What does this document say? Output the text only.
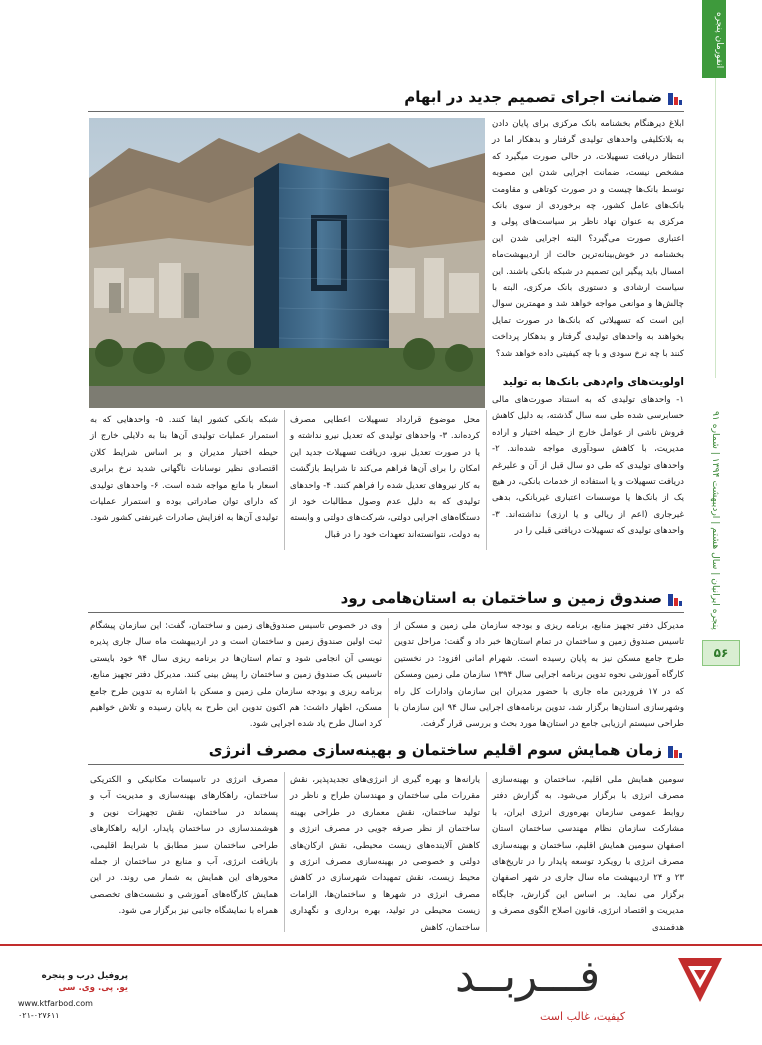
انفورمان پنجره
پنجره ایرانیان | سال هشتم | اردیبهشت ۱۳۹۴ | شماره ۹۱
۵۶
ضمانت اجرای تصمیم جدید در ابهام
ابلاغ دیرهنگام بخشنامه بانک مرکزی برای پایان دادن به بلاتکلیفی واحدهای تولیدی گرفتار و بدهکار اما در انتظار دریافت تسهیلات، در حالی صورت میگیرد که مشخص نیست، ضمانت اجرایی شدن این مصوبه توسط بانک‌ها چیست و در صورت کوتاهی و مقاومت بانک‌های عامل کشور، چه برخوردی از سوی بانک مرکزی به عنوان نهاد ناظر بر سیاست‌های پولی و اعتباری صورت می‌گیرد؟ البته اجرایی شدن این بخشنامه در خوش‌بینانه‌ترین حالت از اردیبهشت‌ماه امسال باید پیگیر این تصمیم در شبکه بانکی باشند. این سیاست ارشادی و دستوری بانک مرکزی، البته با چالش‌ها و موانعی مواجه خواهد شد و مهمترین سوال این است که تسهیلاتی که بانک‌ها در صورت تمایل بخواهند به واحدهای تولیدی گرفتار و بدهکار پرداخت کنند با چه نرخ سودی و با چه کیفیتی داده خواهد شد؟
اولویت‌های وام‌دهی بانک‌ها به تولید
۱- واحدهای تولیدی که به استناد صورت‌های مالی حسابرسی شده طی سه سال گذشته، به دلیل کاهش فروش ناشی از عوامل خارج از حیطه اختیار و اراده مدیریت، با کاهش سودآوری مواجه شده‌اند. ۲- واحدهای تولیدی که طی دو سال قبل از آن و علیرغم دریافت تسهیلات و یا استفاده از خدمات بانکی، در هیچ یک از بانک‌ها یا موسسات اعتباری غیربانکی، بدهی غیرجاری (اعم از ریالی و یا ارزی) نداشته‌اند. ۳- واحدهای تولیدی که تسهیلات دریافتی قبلی را در
محل موضوع قرارداد تسهیلات اعطایی مصرف کرده‌اند. ۳- واحدهای تولیدی که تعدیل نیرو نداشته و یا در صورت تعدیل نیرو، دریافت تسهیلات جدید این امکان را برای آن‌ها فراهم می‌کند تا شرایط بازگشت به کار نیروهای تعدیل شده را فراهم کنند. ۴- واحدهای تولیدی که به دلیل عدم وصول مطالبات خود از دستگاه‌های اجرایی دولتی، شرکت‌های دولتی و وابسته به دولت، نتوانسته‌اند تعهدات خود را در قبال
شبکه بانکی کشور ایفا کنند. ۵- واحدهایی که به استمرار عملیات تولیدی آن‌ها بنا به دلایلی خارج از حیطه اختیار مدیران و بر اساس شرایط کلان اقتصادی نظیر نوسانات ناگهانی شدید نرخ برابری اسعار با مانع مواجه شده است. ۶- واحدهای تولیدی که دارای توان صادراتی بوده و استمرار عملیات تولیدی آن‌ها به افزایش صادرات غیرنفتی کشور شود.
صندوق زمین و ساختمان به استان‌هامی رود
مدیرکل دفتر تجهیز منابع، برنامه ریزی و بودجه سازمان ملی زمین و مسکن از تاسیس صندوق زمین و ساختمان در تمام استان‌ها خبر داد و گفت: مراحل تدوین طرح جامع مسکن نیز به پایان رسیده است. شهرام امانی افزود: در نخستین کارگاه آموزشی نحوه تدوین برنامه اجرایی سال ۱۳۹۴ سازمان ملی زمین ومسکن که در ۱۷ فروردین ماه جاری با حضور مدیران این سازمان وادارات کل راه وشهرسازی استان‌ها برگزار شد، تدوین برنامه‌های اجرایی سال ۹۴ این سازمان با طراحی سیستم ارزیابی جامع در استان‌ها مورد بحث و بررسی قرار گرفت.
وی در خصوص تاسیس صندوق‌های زمین و ساختمان، گفت: این سازمان پیشگام ثبت اولین صندوق زمین و ساختمان است و در اردیبهشت ماه سال جاری پذیره نویسی آن انجامی شود و تمام استان‌ها در برنامه ریزی سال ۹۴ خود بایستی تاسیس یک صندوق زمین و ساختمان را پیش بینی کنند. مدیرکل دفتر تجهیز منابع، برنامه ریزی و بودجه سازمان ملی زمین و مسکن با اشاره به تدوین طرح جامع مسکن، اظهار داشت: هم اکنون تدوین این طرح به پایان رسیده و تلاش خواهیم کرد اسال طرح یاد شده اجرایی شود.
زمان همایش سوم اقلیم ساختمان و بهینه‌سازی مصرف انرژی
سومین همایش ملی اقلیم، ساختمان و بهینه‌سازی مصرف انرژی با برگزار می‌شود. به گزارش دفتر روابط عمومی سازمان بهره‌وری انرژی ایران، با مشارکت سازمان نظام مهندسی ساختمان استان اصفهان سومین همایش اقلیم، ساختمان و بهینه‌سازی مصرف انرژی با رویکرد توسعه پایدار را در تاریخ‌های ۲۳ و ۲۴ اردیبهشت ماه سال جاری در شهر اصفهان برگزار می نماید. بر اساس این گزارش، جایگاه مدیریت و اقتصاد انرژی، قانون اصلاح الگوی مصرف و هدفمندی
یارانه‌ها و بهره گیری از انرژی‌های تجدیدپذیر، نقش مقررات ملی ساختمان و مهندسان طراح و ناظر در تولید ساختمان، نقش معماری در طراحی بهینه ساختمان از نظر صرفه جویی در مصرف انرژی و کاهش آلاینده‌های زیست محیطی، نقش ارکان‌های دولتی و خصوصی در بهینه‌سازی مصرف انرژی و محیط زیست، نقش تمهیدات شهرسازی در کاهش مصرف انرژی در شهرها و ساختمان‌ها، الزامات زیست محیطی در تولید، بهره برداری و نگهداری ساختمان، کاهش
مصرف انرژی در تاسیسات مکانیکی و الکتریکی ساختمان، راهکارهای بهینه‌سازی و مدیریت آب و پسماند در ساختمان، نقش تجهیزات نوین و هوشمندسازی در ساختمان پایدار، ارایه راهکارهای طراحی ساختمان سبز مطابق با شرایط اقلیمی، بازیافت انرژی، آب و منابع در ساختمان از جمله محورهای این همایش به شمار می روند. در این همایش کارگاه‌های آموزشی و نشست‌های تخصصی همراه با نمایشگاه جانبی نیز برگزار می شود.
فـــربــد
کیفیت، غالب است
پروفیل درب و پنجره
یو. پی. وی. سی
www.ktfarbod.com
۰۲۱-۰۲۷۶۱۱
